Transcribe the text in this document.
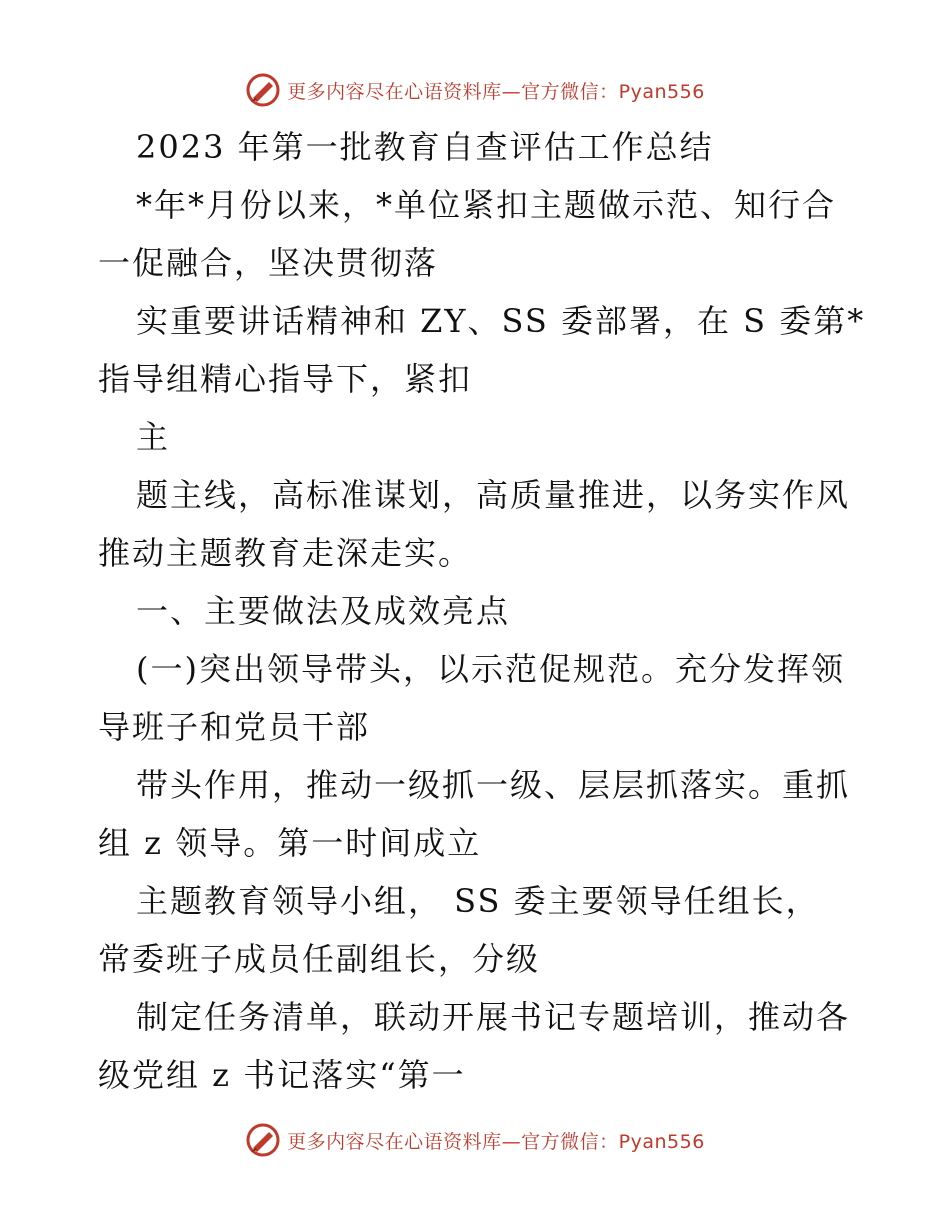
更多内容尽在心语资料库—官方微信：Pyan556
2023 年第一批教育自查评估工作总结
*年*月份以来，*单位紧扣主题做示范、知行合
一促融合，坚决贯彻落
实重要讲话精神和 ZY、SS 委部署，在 S 委第*
指导组精心指导下，紧扣
主
题主线，高标准谋划，高质量推进，以务实作风
推动主题教育走深走实。
一、主要做法及成效亮点
(一)突出领导带头，以示范促规范。充分发挥领
导班子和党员干部
带头作用，推动一级抓一级、层层抓落实。重抓
组 z 领导。第一时间成立
主题教育领导小组， SS 委主要领导任组长，
常委班子成员任副组长，分级
制定任务清单，联动开展书记专题培训，推动各
级党组 z 书记落实“第一
更多内容尽在心语资料库—官方微信：Pyan556
